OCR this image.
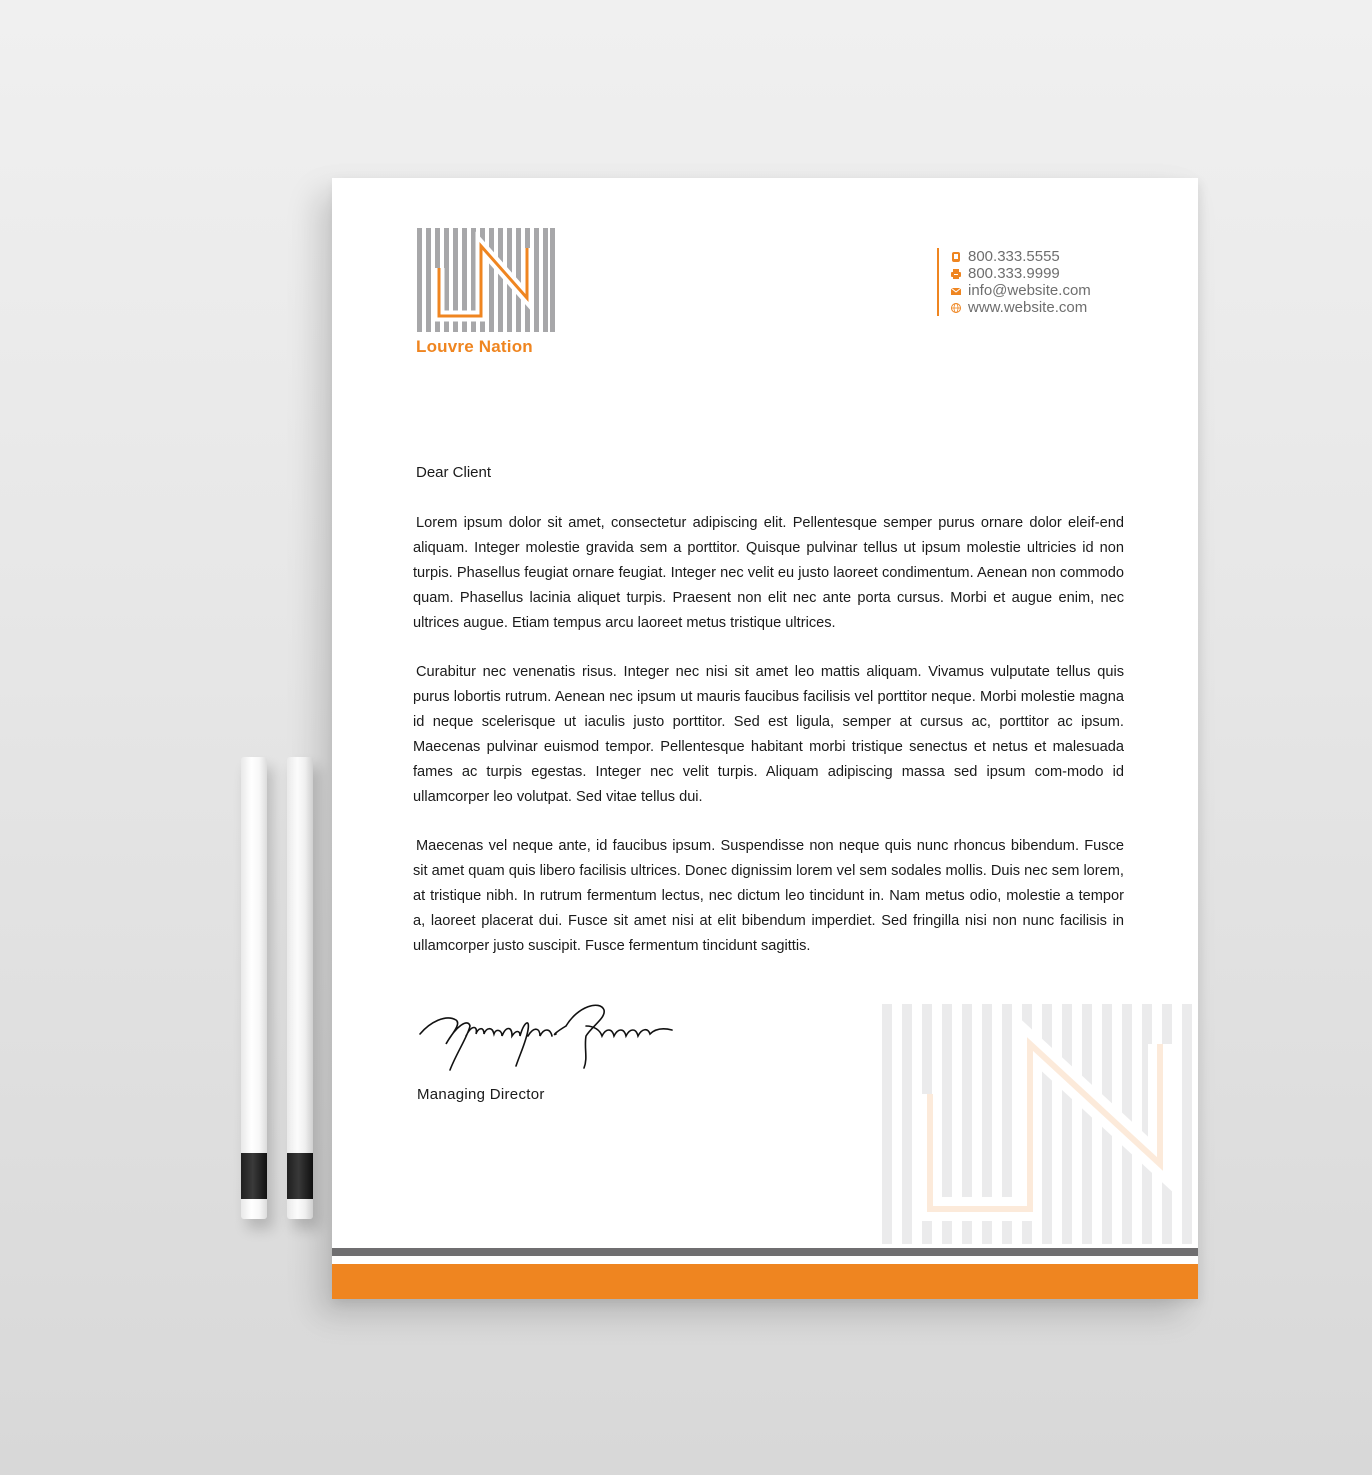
Louvre Nation
800.333.5555
800.333.9999
info@website.com
www.website.com
Dear Client

Lorem ipsum dolor sit amet, consectetur adipiscing elit. Pellentesque semper purus ornare dolor eleif-end aliquam. Integer molestie gravida sem a porttitor. Quisque pulvinar tellus ut ipsum molestie ultricies id non turpis. Phasellus feugiat ornare feugiat. Integer nec velit eu justo laoreet condimentum. Aenean non commodo quam. Phasellus lacinia aliquet turpis. Praesent non elit nec ante porta cursus. Morbi et augue enim, nec ultrices augue. Etiam tempus arcu laoreet metus tristique ultrices.

Curabitur nec venenatis risus. Integer nec nisi sit amet leo mattis aliquam. Vivamus vulputate tellus quis purus lobortis rutrum. Aenean nec ipsum ut mauris faucibus facilisis vel porttitor neque. Morbi molestie magna id neque scelerisque ut iaculis justo porttitor. Sed est ligula, semper at cursus ac, porttitor ac ipsum. Maecenas pulvinar euismod tempor. Pellentesque habitant morbi tristique senectus et netus et malesuada fames ac turpis egestas. Integer nec velit turpis. Aliquam adipiscing massa sed ipsum com-modo id ullamcorper leo volutpat. Sed vitae tellus dui.

Maecenas vel neque ante, id faucibus ipsum. Suspendisse non neque quis nunc rhoncus bibendum. Fusce sit amet quam quis libero facilisis ultrices. Donec dignissim lorem vel sem sodales mollis. Duis nec sem lorem, at tristique nibh. In rutrum fermentum lectus, nec dictum leo tincidunt in. Nam metus odio, molestie a tempor a, laoreet placerat dui. Fusce sit amet nisi at elit bibendum imperdiet. Sed fringilla nisi non nunc facilisis in ullamcorper justo suscipit. Fusce fermentum tincidunt sagittis.

Managing Director
